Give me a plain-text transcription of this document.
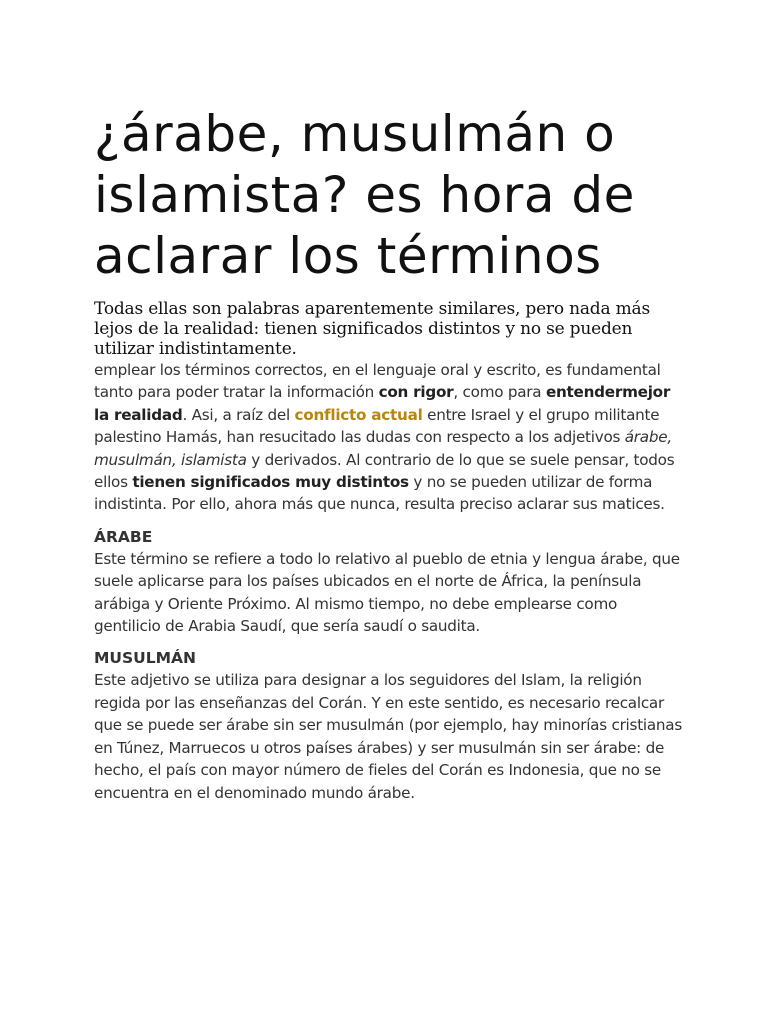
¿árabe, musulmán o islamista? es hora de aclarar los términos

Todas ellas son palabras aparentemente similares, pero nada más lejos de la realidad: tienen significados distintos y no se pueden utilizar indistintamente.

emplear los términos correctos, en el lenguaje oral y escrito, es fundamental tanto para poder tratar la información con rigor, como para entendermejor la realidad. Asi, a raíz del conflicto actual entre Israel y el grupo militante palestino Hamás, han resucitado las dudas con respecto a los adjetivos árabe, musulmán, islamista y derivados. Al contrario de lo que se suele pensar, todos ellos tienen significados muy distintos y no se pueden utilizar de forma indistinta. Por ello, ahora más que nunca, resulta preciso aclarar sus matices.

ÁRABE

Este término se refiere a todo lo relativo al pueblo de etnia y lengua árabe, que suele aplicarse para los países ubicados en el norte de África, la península arábiga y Oriente Próximo. Al mismo tiempo, no debe emplearse como gentilicio de Arabia Saudí, que sería saudí o saudita.

MUSULMÁN

Este adjetivo se utiliza para designar a los seguidores del Islam, la religión regida por las enseñanzas del Corán. Y en este sentido, es necesario recalcar que se puede ser árabe sin ser musulmán (por ejemplo, hay minorías cristianas en Túnez, Marruecos u otros países árabes) y ser musulmán sin ser árabe: de hecho, el país con mayor número de fieles del Corán es Indonesia, que no se encuentra en el denominado mundo árabe.
